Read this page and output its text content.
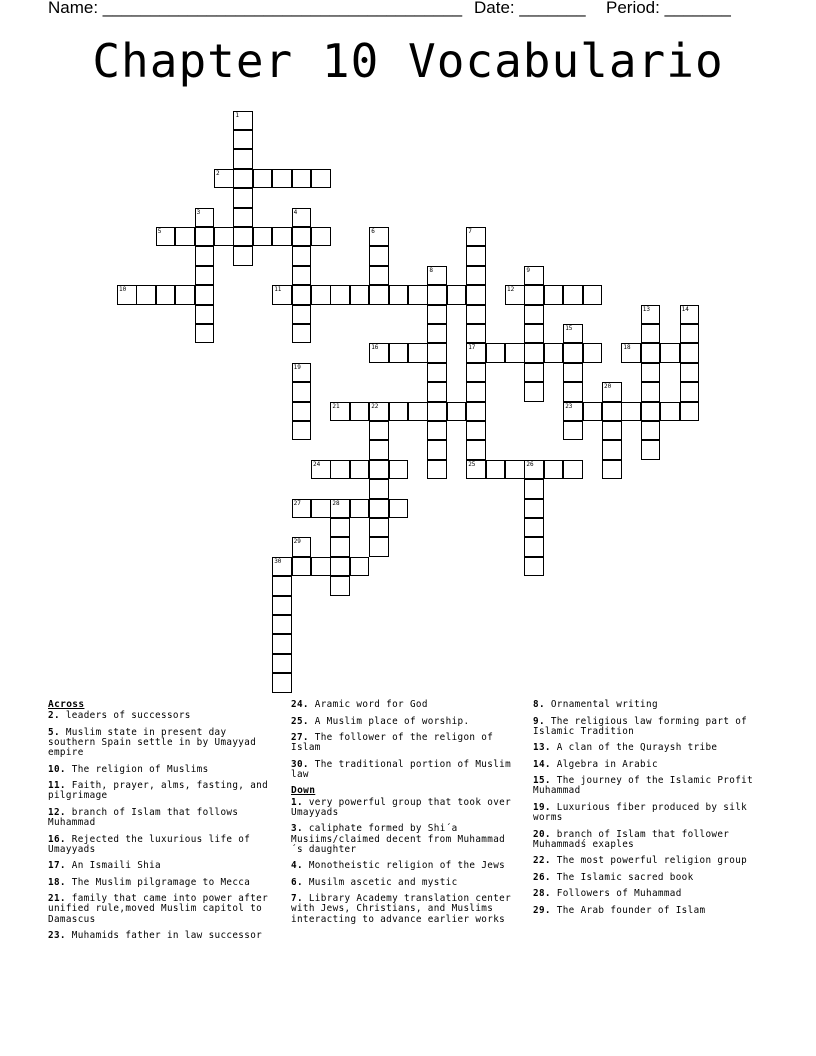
Name: ______________________________________ Date: _______ Period: _______
Chapter 10 Vocabulario
1
2
3	4
5	6	7
17
25
8	9
10	11	12
13	14
15
23
16	18
19
20
21	22
24	26
27	28
29
30
Across
2. leaders of successors
5. Muslim state in present day southern Spain settle in by Umayyad empire
10. The religion of Muslims
11. Faith, prayer, alms, fasting, and pilgrimage
12. branch of Islam that follows Muhammad
16. Rejected the luxurious life of Umayyads
17. An Ismaili Shia
18. The Muslim pilgramage to Mecca
21. family that came into power after unified rule,moved Muslim capitol to Damascus
23. Muhamids father in law successor
24. Aramic word for God
25. A Muslim place of worship.
27. The follower of the religon of Islam
30. The traditional portion of Muslim law
Down
1. very powerful group that took over Umayyads
3. caliphate formed by Shi´a Musiims/claimed decent from Muhammad´s daughter
4. Monotheistic religion of the Jews
6. Musilm ascetic and mystic
7. Library Academy translation center with Jews, Christians, and Muslims interacting to advance earlier works
8. Ornamental writing
9. The religious law forming part of Islamic Tradition
13. A clan of the Quraysh tribe
14. Algebra in Arabic
15. The journey of the Islamic Profit Muhammad
19. Luxurious fiber produced by silk worms
20. branch of Islam that follower Muhammadś exaples
22. The most powerful religion group
26. The Islamic sacred book
28. Followers of Muhammad
29. The Arab founder of Islam
